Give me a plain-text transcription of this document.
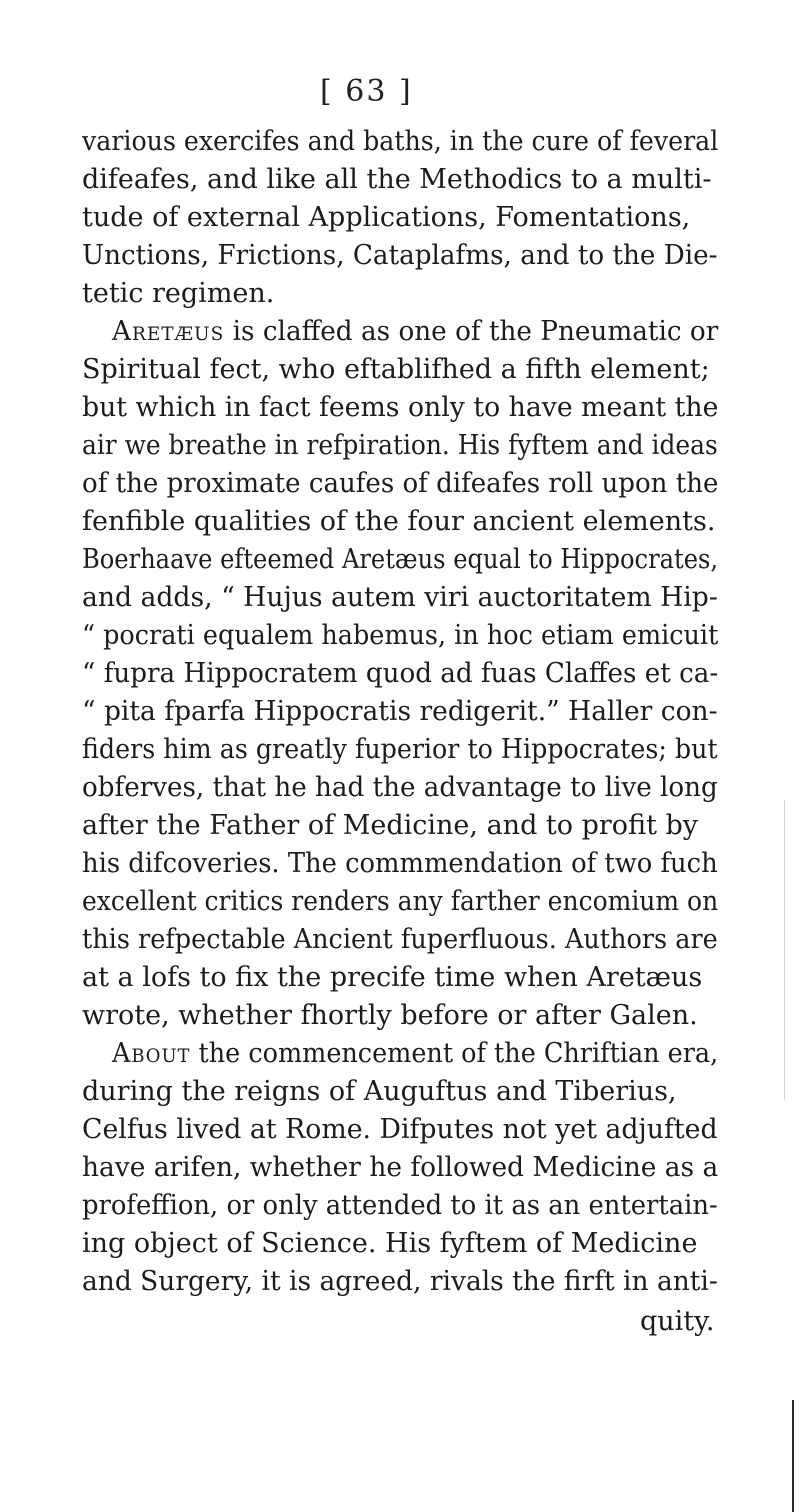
[ 63 ]
various exercifes and baths, in the cure of feveral
difeafes, and like all the Methodics to a multi-
tude of external Applications, Fomentations,
Unctions, Frictions, Cataplafms, and to the Die-
tetic regimen.
Aretæus is claffed as one of the Pneumatic or
Spiritual fect, who eftablifhed a fifth element;
but which in fact feems only to have meant the
air we breathe in refpiration. His fyftem and ideas
of the proximate caufes of difeafes roll upon the
fenfible qualities of the four ancient elements.
Boerhaave efteemed Aretæus equal to Hippocrates,
and adds, “ Hujus autem viri auctoritatem Hip-
“ pocrati equalem habemus, in hoc etiam emicuit
“ fupra Hippocratem quod ad fuas Claffes et ca-
“ pita fparfa Hippocratis redigerit.” Haller con-
fiders him as greatly fuperior to Hippocrates; but
obferves, that he had the advantage to live long
after the Father of Medicine, and to profit by
his difcoveries. The commmendation of two fuch
excellent critics renders any farther encomium on
this refpectable Ancient fuperfluous. Authors are
at a lofs to fix the precife time when Aretæus
wrote, whether fhortly before or after Galen.
About the commencement of the Chriftian era,
during the reigns of Auguftus and Tiberius,
Celfus lived at Rome. Difputes not yet adjufted
have arifen, whether he followed Medicine as a
profeffion, or only attended to it as an entertain-
ing object of Science. His fyftem of Medicine
and Surgery, it is agreed, rivals the firft in anti-
quity.
